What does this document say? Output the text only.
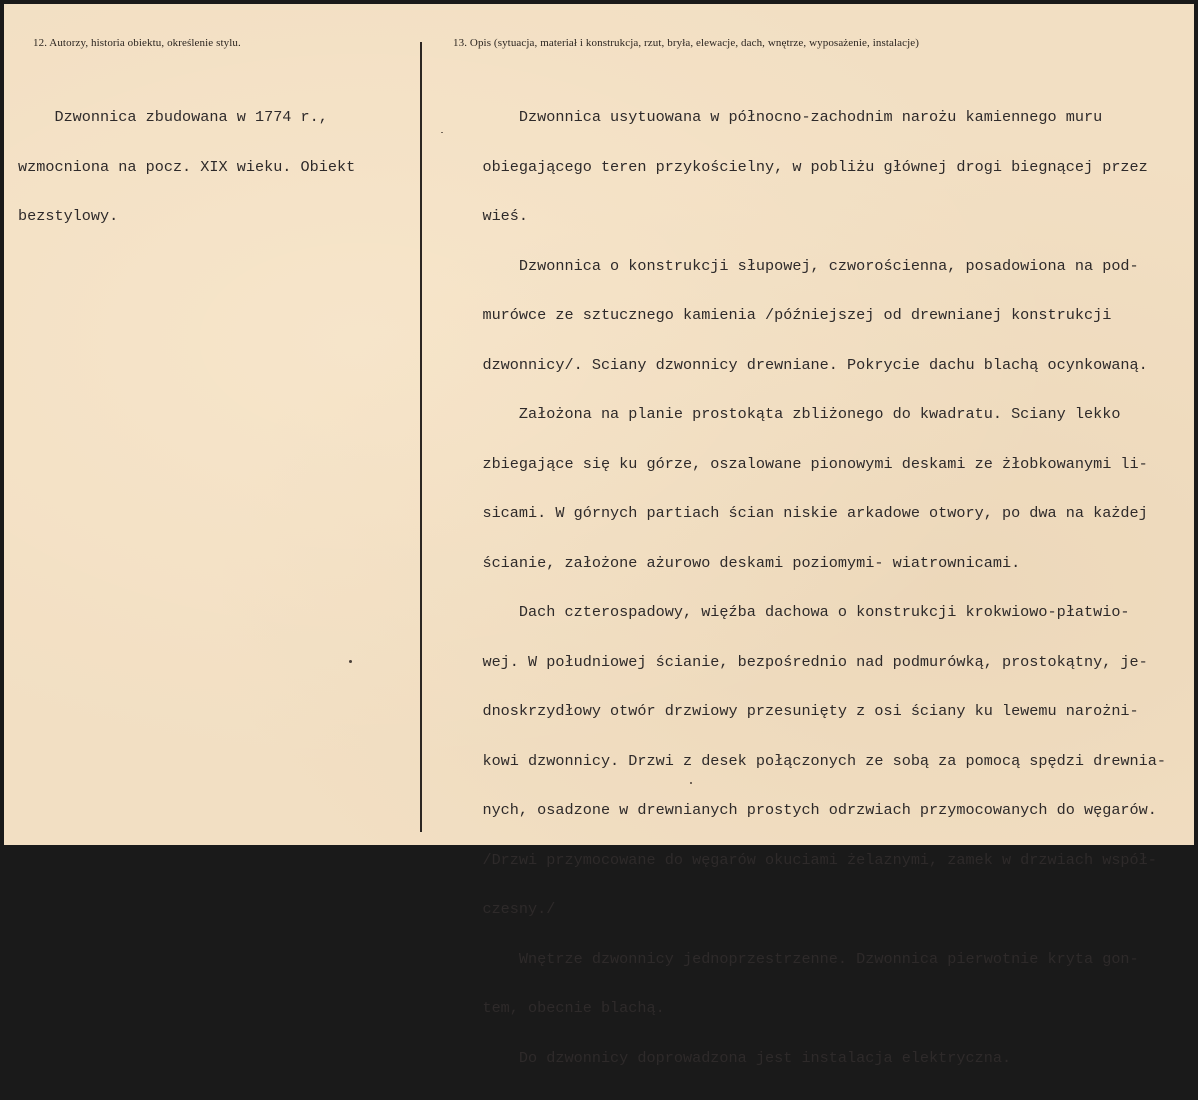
12. Autorzy, historia obiektu, określenie stylu.	13. Opis (sytuacja, materiał i konstrukcja, rzut, bryła, elewacje, dach, wnętrze, wyposażenie, instalacje)

Dzwonnica zbudowana w 1774 r.,

wzmocniona na pocz. XIX wieku. Obiekt

bezstylowy.

Dzwonnica usytuowana w północno-zachodnim narożu kamiennego muru

obiegającego teren przykościelny, w pobliżu głównej drogi biegnącej przez

wieś.

Dzwonnica o konstrukcji słupowej, czworościenna, posadowiona na pod-

murówce ze sztucznego kamienia /późniejszej od drewnianej konstrukcji

dzwonnicy/. Sciany dzwonnicy drewniane. Pokrycie dachu blachą ocynkowaną.

Założona na planie prostokąta zbliżonego do kwadratu. Sciany lekko

zbiegające się ku górze, oszalowane pionowymi deskami ze żłobkowanymi li-

sicami. W górnych partiach ścian niskie arkadowe otwory, po dwa na każdej

ścianie, założone ażurowo deskami poziomymi- wiatrownicami.

Dach czterospadowy, więźba dachowa o konstrukcji krokwiowo-płatwio-

wej. W południowej ścianie, bezpośrednio nad podmurówką, prostokątny, je-

dnoskrzydłowy otwór drzwiowy przesunięty z osi ściany ku lewemu narożni-

kowi dzwonnicy. Drzwi z desek połączonych ze sobą za pomocą spędzi drewnia-

nych, osadzone w drewnianych prostych odrzwiach przymocowanych do węgarów.

/Drzwi przymocowane do węgarów okuciami żelaznymi, zamek w drzwiach współ-

czesny./

Wnętrze dzwonnicy jednoprzestrzenne. Dzwonnica pierwotnie kryta gon-

tem, obecnie blachą.

Do dzwonnicy doprowadzona jest instalacja elektryczna.
